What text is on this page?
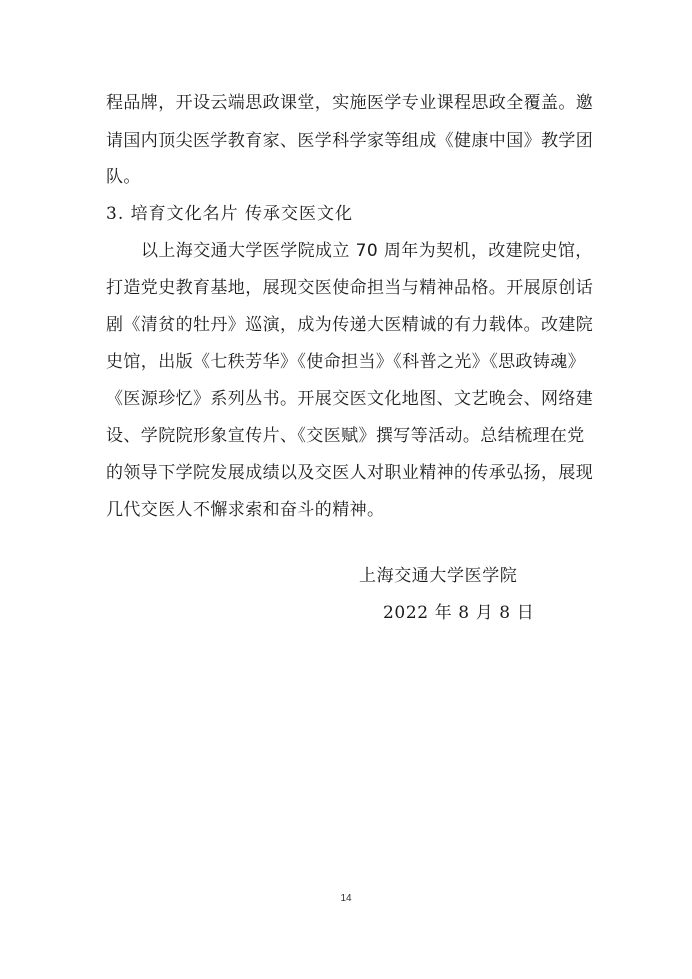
程品牌，开设云端思政课堂，实施医学专业课程思政全覆盖。邀
请国内顶尖医学教育家、医学科学家等组成《健康中国》教学团
队。
3. 培育文化名片 传承交医文化
以上海交通大学医学院成立 70 周年为契机，改建院史馆，
打造党史教育基地，展现交医使命担当与精神品格。开展原创话
剧《清贫的牡丹》巡演，成为传递大医精诚的有力载体。改建院
史馆，出版《七秩芳华》《使命担当》《科普之光》《思政铸魂》
《医源珍忆》系列丛书。开展交医文化地图、文艺晚会、网络建
设、学院院形象宣传片、《交医赋》撰写等活动。总结梳理在党
的领导下学院发展成绩以及交医人对职业精神的传承弘扬，展现
几代交医人不懈求索和奋斗的精神。
上海交通大学医学院
2022 年 8 月 8 日
14
